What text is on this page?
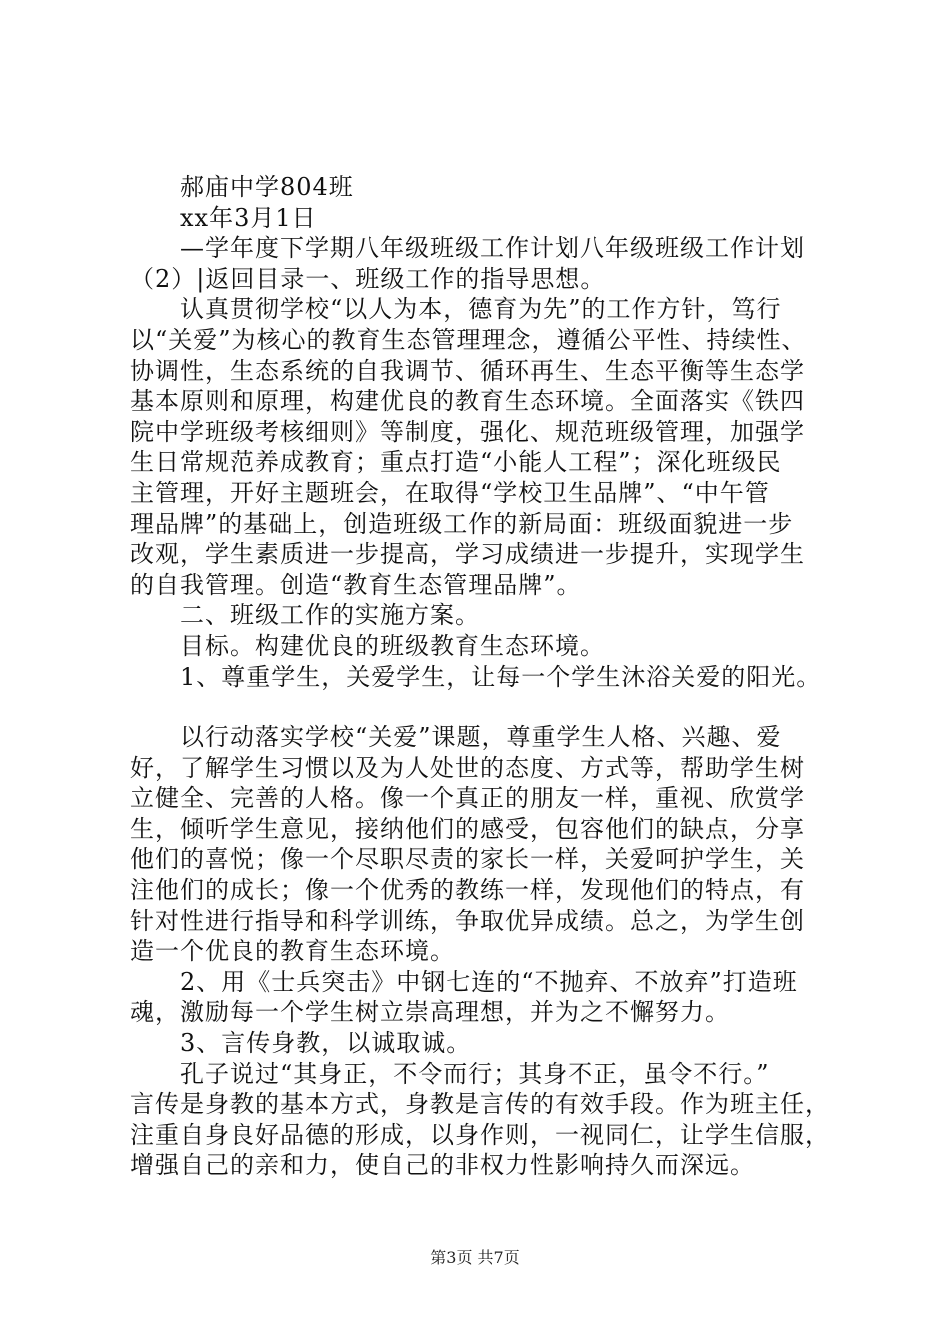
郝庙中学804班
xx年3月1日
—学年度下学期八年级班级工作计划八年级班级工作计划
（2）|返回目录一、班级工作的指导思想。
认真贯彻学校“以人为本，德育为先”的工作方针，笃行
以“关爱”为核心的教育生态管理理念，遵循公平性、持续性、
协调性，生态系统的自我调节、循环再生、生态平衡等生态学
基本原则和原理，构建优良的教育生态环境。全面落实《铁四
院中学班级考核细则》等制度，强化、规范班级管理，加强学
生日常规范养成教育；重点打造“小能人工程”；深化班级民
主管理，开好主题班会，在取得“学校卫生品牌”、“中午管
理品牌”的基础上，创造班级工作的新局面：班级面貌进一步
改观，学生素质进一步提高，学习成绩进一步提升，实现学生
的自我管理。创造“教育生态管理品牌”。
二、班级工作的实施方案。
目标。构建优良的班级教育生态环境。
1、尊重学生，关爱学生，让每一个学生沐浴关爱的阳光。
以行动落实学校“关爱”课题，尊重学生人格、兴趣、爱
好，了解学生习惯以及为人处世的态度、方式等，帮助学生树
立健全、完善的人格。像一个真正的朋友一样，重视、欣赏学
生，倾听学生意见，接纳他们的感受，包容他们的缺点，分享
他们的喜悦；像一个尽职尽责的家长一样，关爱呵护学生，关
注他们的成长；像一个优秀的教练一样，发现他们的特点，有
针对性进行指导和科学训练，争取优异成绩。总之，为学生创
造一个优良的教育生态环境。
2、用《士兵突击》中钢七连的“不抛弃、不放弃”打造班
魂，激励每一个学生树立崇高理想，并为之不懈努力。
3、言传身教，以诚取诚。
孔子说过“其身正，不令而行；其身不正，虽令不行。”
言传是身教的基本方式，身教是言传的有效手段。作为班主任，
注重自身良好品德的形成，以身作则，一视同仁，让学生信服，
增强自己的亲和力，使自己的非权力性影响持久而深远。
第3页 共7页
